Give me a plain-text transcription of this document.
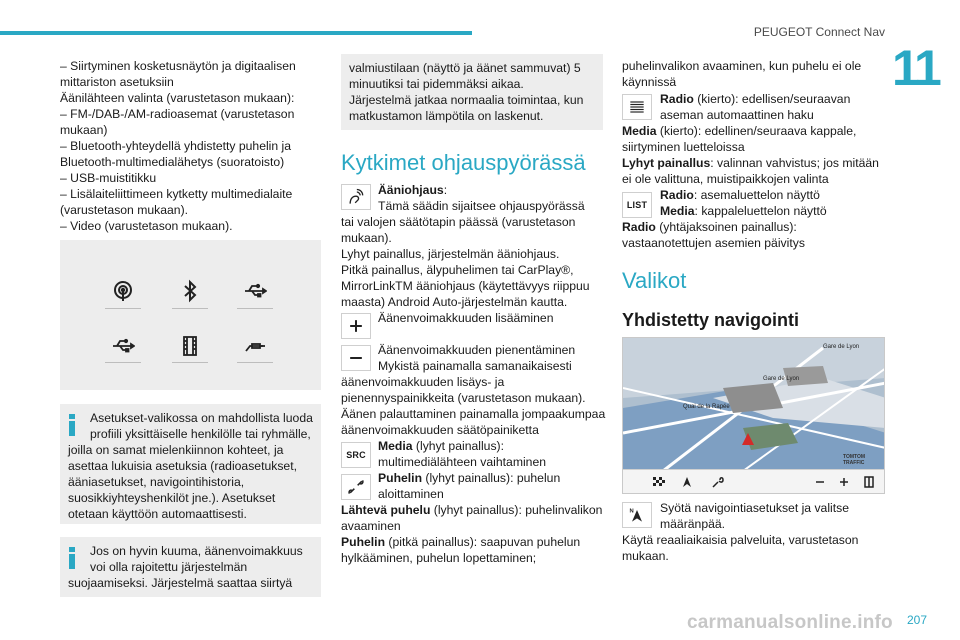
PEUGEOT Connect Nav
11
– Siirtyminen kosketusnäytön ja digitaalisen
mittariston asetuksiin
Äänilähteen valinta (varustetason mukaan):
– FM-/DAB-/AM-radioasemat (varustetason
mukaan)
– Bluetooth-yhteydellä yhdistetty puhelin ja
Bluetooth-multimedialähetys (suoratoisto)
– USB-muistitikku
– Lisälaiteliittimeen kytketty multimedialaite
(varustetason mukaan).
– Video (varustetason mukaan).
Asetukset-valikossa on mahdollista luoda
profiili yksittäiselle henkilölle tai ryhmälle,
joilla on samat mielenkiinnon kohteet, ja
asettaa lukuisia asetuksia (radioasetukset,
ääniasetukset, navigointihistoria,
suosikkiyhteyshenkilöt jne.). Asetukset
otetaan käyttöön automaattisesti.
Jos on hyvin kuuma, äänenvoimakkuus
voi olla rajoitettu järjestelmän
suojaamiseksi. Järjestelmä saattaa siirtyä
valmiustilaan (näyttö ja äänet sammuvat) 5
minuutiksi tai pidemmäksi aikaa.
Järjestelmä jatkaa normaalia toimintaa, kun
matkustamon lämpötila on laskenut.
Kytkimet ohjauspyörässä
Ääniohjaus:
Tämä säädin sijaitsee ohjauspyörässä
tai valojen säätötapin päässä (varustetason
mukaan).
Lyhyt painallus, järjestelmän ääniohjaus.
Pitkä painallus, älypuhelimen tai CarPlay®,
MirrorLinkTM ääniohjaus (käytettävyys riippuu
maasta) Android Auto-järjestelmän kautta.
Äänenvoimakkuuden lisääminen
Äänenvoimakkuuden pienentäminen
Mykistä painamalla samanaikaisesti
äänenvoimakkuuden lisäys- ja
pienennyspainikkeita (varustetason mukaan).
Äänen palauttaminen painamalla jompaakumpaa
äänenvoimakkuuden säätöpainiketta
SRC
Media (lyhyt painallus):
multimediälähteen vaihtaminen
Puhelin (lyhyt painallus): puhelun
aloittaminen
Lähtevä puhelu (lyhyt painallus): puhelinvalikon
avaaminen
Puhelin (pitkä painallus): saapuvan puhelun
hylkääminen, puhelun lopettaminen;
puhelinvalikon avaaminen, kun puhelu ei ole
käynnissä
Radio (kierto): edellisen/seuraavan
aseman automaattinen haku
Media (kierto): edellinen/seuraava kappale,
siirtyminen luetteloissa
Lyhyt painallus: valinnan vahvistus; jos mitään
ei ole valittuna, muistipaikkojen valinta
LIST
Radio: asemaluettelon näyttö
Media: kappaleluettelon näyttö
Radio (yhtäjaksoinen painallus):
vastaanotettujen asemien päivitys
Valikot
Yhdistetty navigointi
Gare de Lyon
Gare de Lyon
Quai de la Rapée
TOMTOM TRAFFIC
N Syötä navigointiasetukset ja valitse
määränpää.
Käytä reaaliaikaisia palveluita, varustetason
mukaan.
carmanualsonline.info 207
